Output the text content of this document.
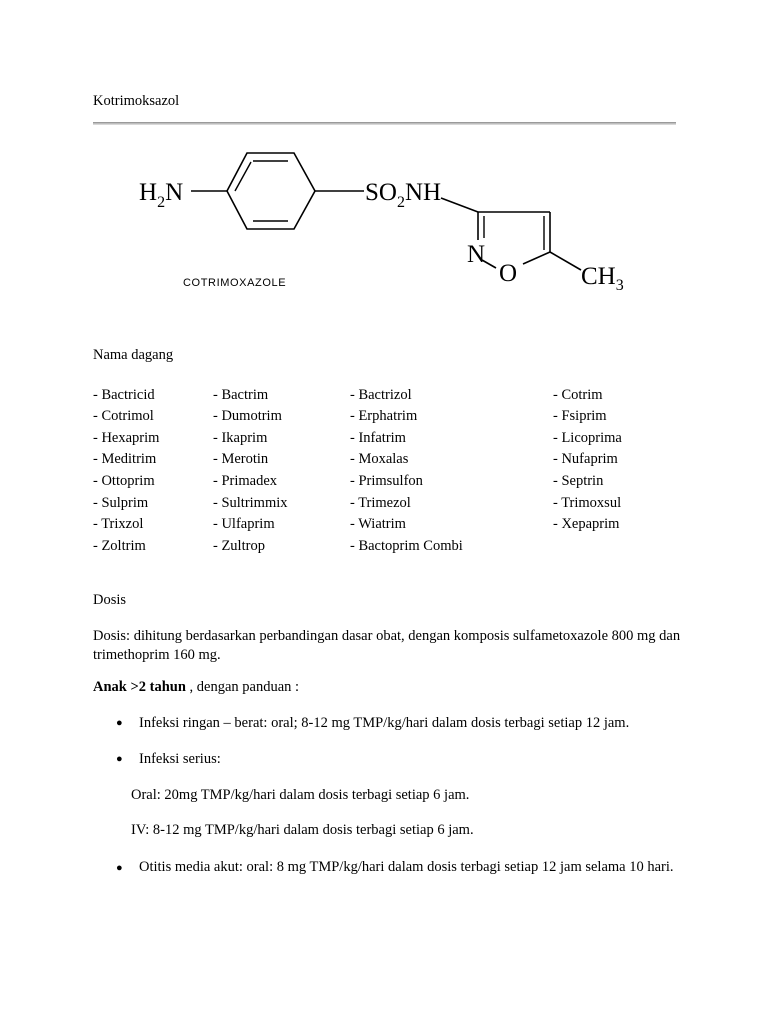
Kotrimoksazol
$H_2N$	$SO_2NH$
N
O	$CH_3$
COTRIMOXAZOLE
Nama dagang
- Bactricid	- Bactrim	- Bactrizol	- Cotrim
- Cotrimol	- Dumotrim	- Erphatrim	- Fsiprim
- Hexaprim	- Ikaprim	- Infatrim	- Licoprima
- Meditrim	- Merotin	- Moxalas	- Nufaprim
- Ottoprim	- Primadex	- Primsulfon	- Septrin
- Sulprim	- Sultrimmix	- Trimezol	- Trimoxsul
- Trixzol	- Ulfaprim	- Wiatrim	- Xepaprim
- Zoltrim	- Zultrop	- Bactoprim Combi	
Dosis
Dosis: dihitung berdasarkan perbandingan dasar obat, dengan komposis sulfametoxazole 800 mg dan trimethoprim 160 mg.
Anak >2 tahun , dengan panduan :
● Infeksi ringan – berat: oral; 8-12 mg TMP/kg/hari dalam dosis terbagi setiap 12 jam.
● Infeksi serius:
Oral: 20mg TMP/kg/hari dalam dosis terbagi setiap 6 jam.
IV: 8-12 mg TMP/kg/hari dalam dosis terbagi setiap 6 jam.
● Otitis media akut: oral: 8 mg TMP/kg/hari dalam dosis terbagi setiap 12 jam selama 10 hari.
